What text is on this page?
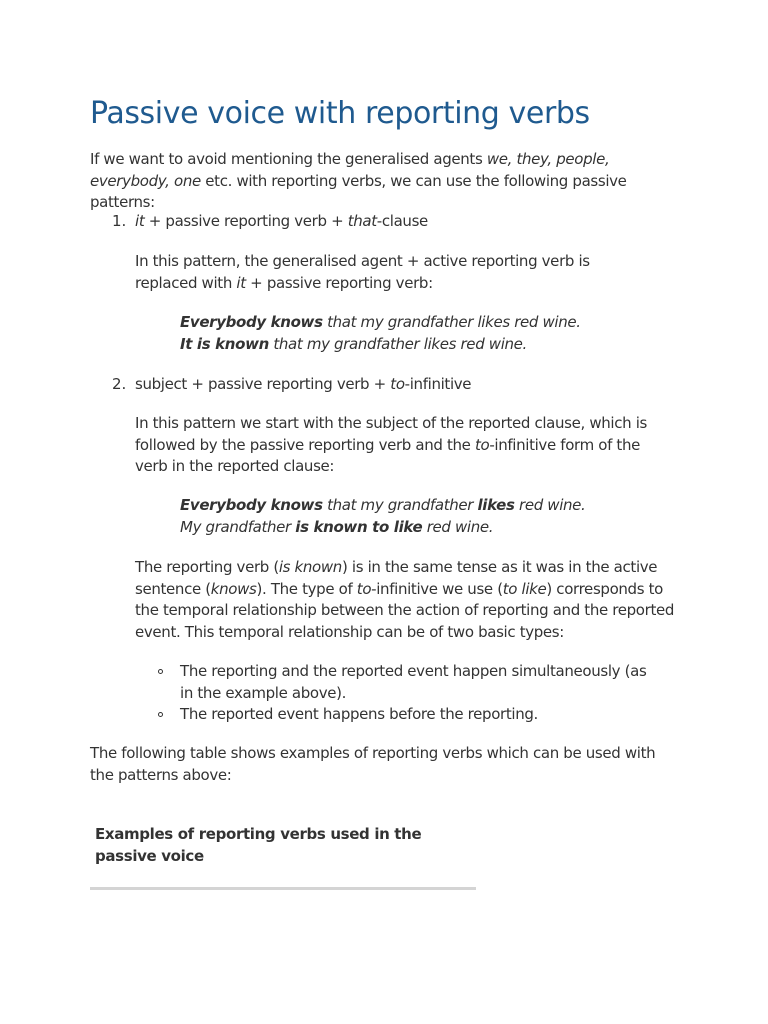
Passive voice with reporting verbs

If we want to avoid mentioning the generalised agents we, they, people, everybody, one etc. with reporting verbs, we can use the following passive patterns:

1. it + passive reporting verb + that-clause

In this pattern, the generalised agent + active reporting verb is replaced with it + passive reporting verb:

Everybody knows that my grandfather likes red wine.

It is known that my grandfather likes red wine.

2. subject + passive reporting verb + to-infinitive

In this pattern we start with the subject of the reported clause, which is followed by the passive reporting verb and the to-infinitive form of the verb in the reported clause:

Everybody knows that my grandfather likes red wine.

My grandfather is known to like red wine.

The reporting verb (is known) is in the same tense as it was in the active sentence (knows). The type of to-infinitive we use (to like) corresponds to the temporal relationship between the action of reporting and the reported event. This temporal relationship can be of two basic types:

The reporting and the reported event happen simultaneously (as in the example above).
The reported event happens before the reporting.

The following table shows examples of reporting verbs which can be used with the patterns above:

Examples of reporting verbs used in the passive voice
